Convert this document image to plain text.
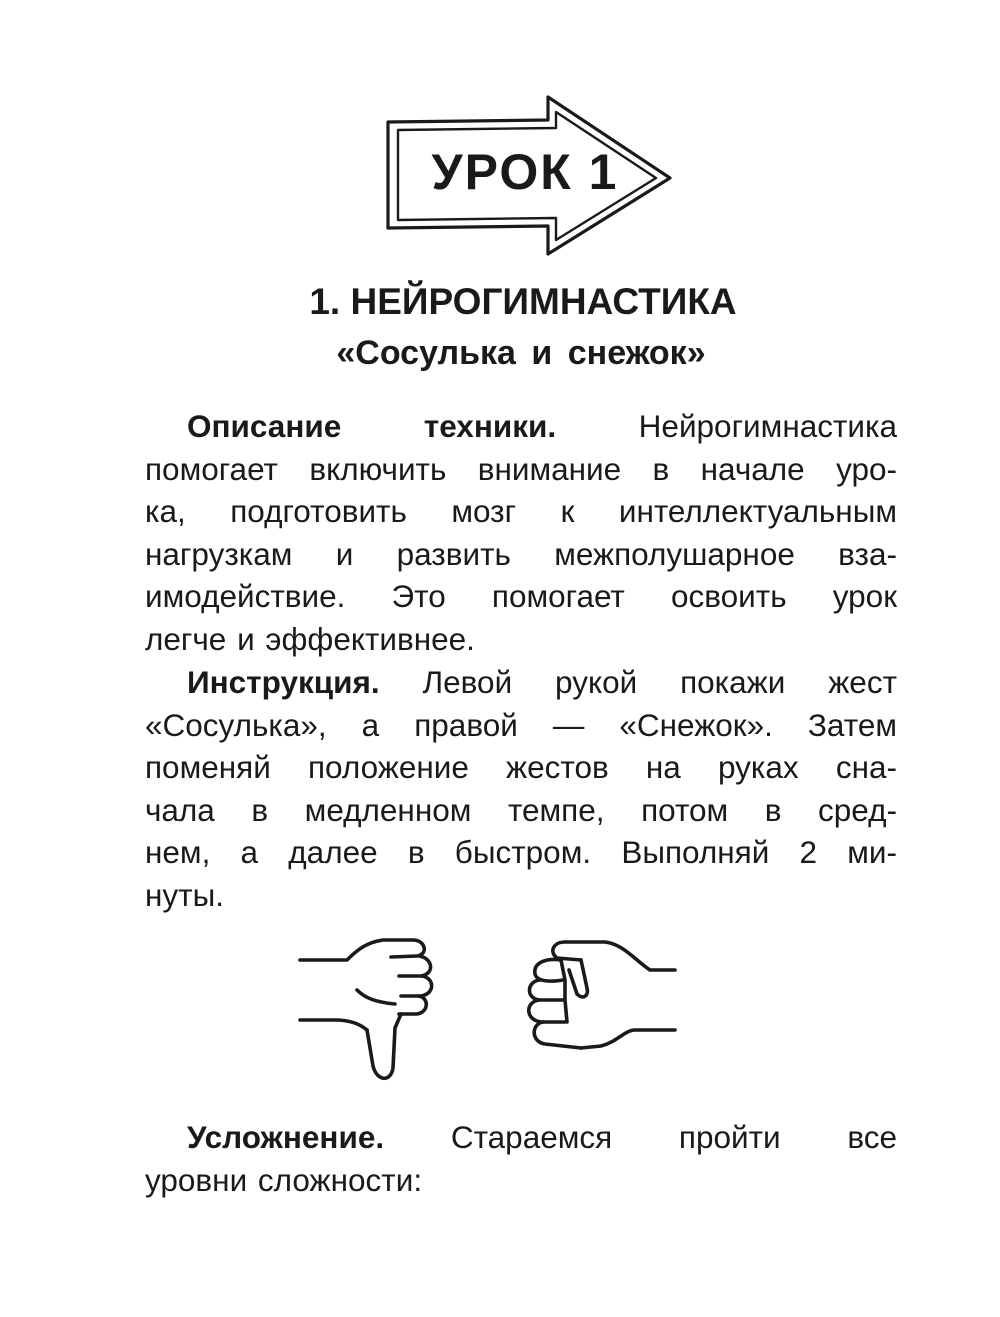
УРОК 1
1. НЕЙРОГИМНАСТИКА
«Сосулька и снежок»
Описание техники.	Нейрогимнастика
помогает включить внимание в начале уро-
ка, подготовить мозг к интеллектуальным
нагрузкам и развить межполушарное вза-
имодействие. Это помогает освоить урок
легче и эффективнее.
Инструкция. Левой рукой покажи жест
«Сосулька», а правой — «Снежок». Затем
поменяй положение жестов на руках сна-
чала в медленном темпе, потом в сред-
нем, а далее в быстром. Выполняй 2 ми-
нуты.
Усложнение. Стараемся пройти все
уровни сложности:
